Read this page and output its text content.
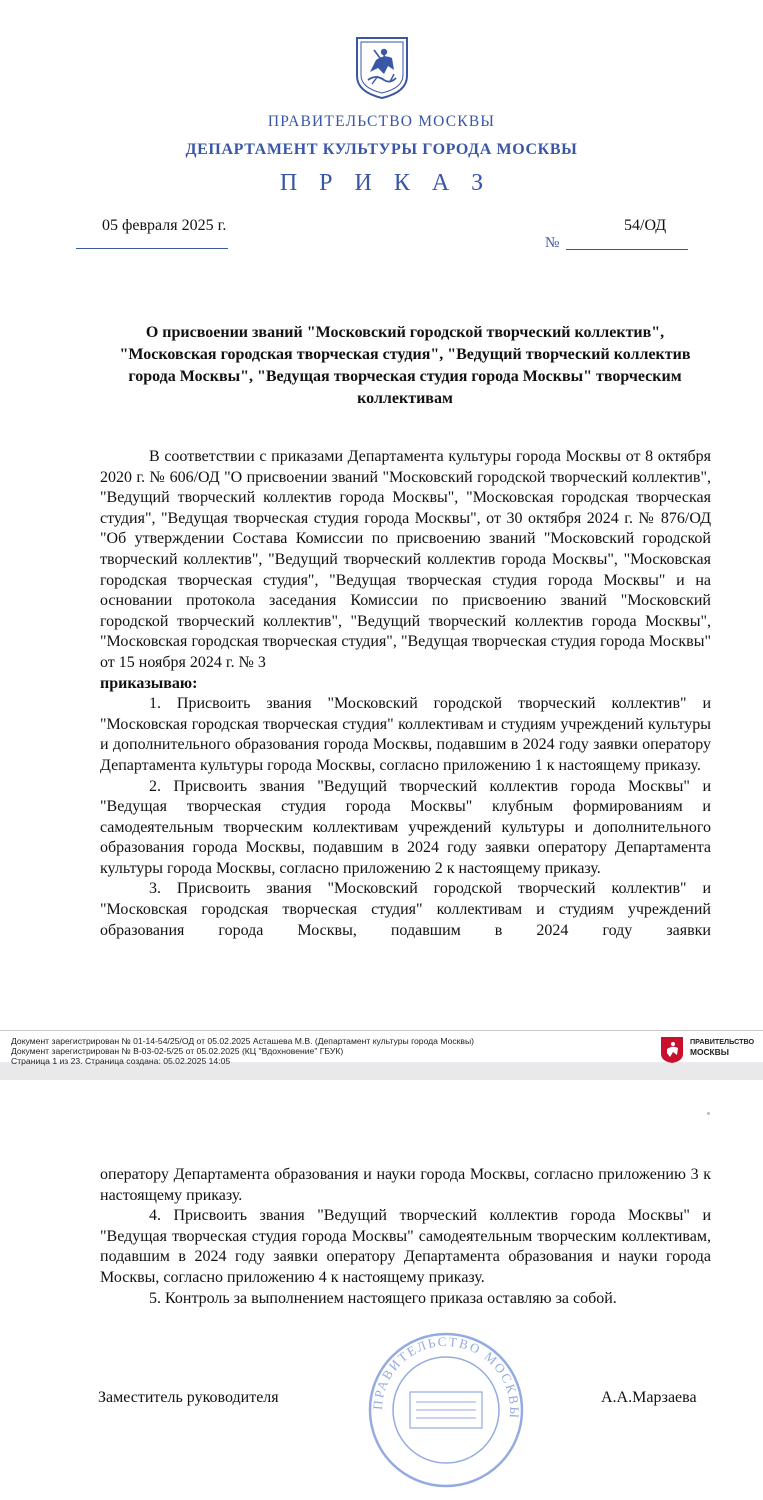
ПРАВИТЕЛЬСТВО МОСКВЫ
ДЕПАРТАМЕНТ КУЛЬТУРЫ ГОРОДА МОСКВЫ
П Р И К А З
05 февраля 2025 г.
№
54/ОД
О присвоении званий "Московский городской творческий коллектив", "Московская городская творческая студия", "Ведущий творческий коллектив города Москвы", "Ведущая творческая студия города Москвы" творческим коллективам

В соответствии с приказами Департамента культуры города Москвы от 8 октября 2020 г. № 606/ОД "О присвоении званий "Московский городской творческий коллектив", "Ведущий творческий коллектив города Москвы", "Московская городская творческая студия", "Ведущая творческая студия города Москвы", от 30 октября 2024 г. № 876/ОД "Об утверждении Состава Комиссии по присвоению званий "Московский городской творческий коллектив", "Ведущий творческий коллектив города Москвы", "Московская городская творческая студия", "Ведущая творческая студия города Москвы" и на основании протокола заседания Комиссии по присвоению званий "Московский городской творческий коллектив", "Ведущий творческий коллектив города Москвы", "Московская городская творческая студия", "Ведущая творческая студия города Москвы" от 15 ноября 2024 г. № 3

приказываю:

1. Присвоить звания "Московский городской творческий коллектив" и "Московская городская творческая студия" коллективам и студиям учреждений культуры и дополнительного образования города Москвы, подавшим в 2024 году заявки оператору Департамента культуры города Москвы, согласно приложению 1 к настоящему приказу.

2. Присвоить звания "Ведущий творческий коллектив города Москвы" и "Ведущая творческая студия города Москвы" клубным формированиям и самодеятельным творческим коллективам учреждений культуры и дополнительного образования города Москвы, подавшим в 2024 году заявки оператору Департамента культуры города Москвы, согласно приложению 2 к настоящему приказу.

3. Присвоить звания "Московский городской творческий коллектив" и "Московская городская творческая студия" коллективам и студиям учреждений образования города Москвы, подавшим в 2024 году заявки

Документ зарегистрирован № 01-14-54/25/ОД от 05.02.2025 Асташева М.В. (Департамент культуры города Москвы)
Документ зарегистрирован № В-03-02-5/25 от 05.02.2025 (КЦ "Вдохновение" ГБУК)
Страница 1 из 23. Страница создана: 05.02.2025 14:05
ПРАВИТЕЛЬСТВО
МОСКВЫ

оператору Департамента образования и науки города Москвы, согласно приложению 3 к настоящему приказу.

4. Присвоить звания "Ведущий творческий коллектив города Москвы" и "Ведущая творческая студия города Москвы" самодеятельным творческим коллективам, подавшим в 2024 году заявки оператору Департамента образования и науки города Москвы, согласно приложению 4 к настоящему приказу.

5. Контроль за выполнением настоящего приказа оставляю за собой.

ПРАВИТЕЛЬСТВО МОСКВЫ
Заместитель руководителя	А.А.Марзаева
